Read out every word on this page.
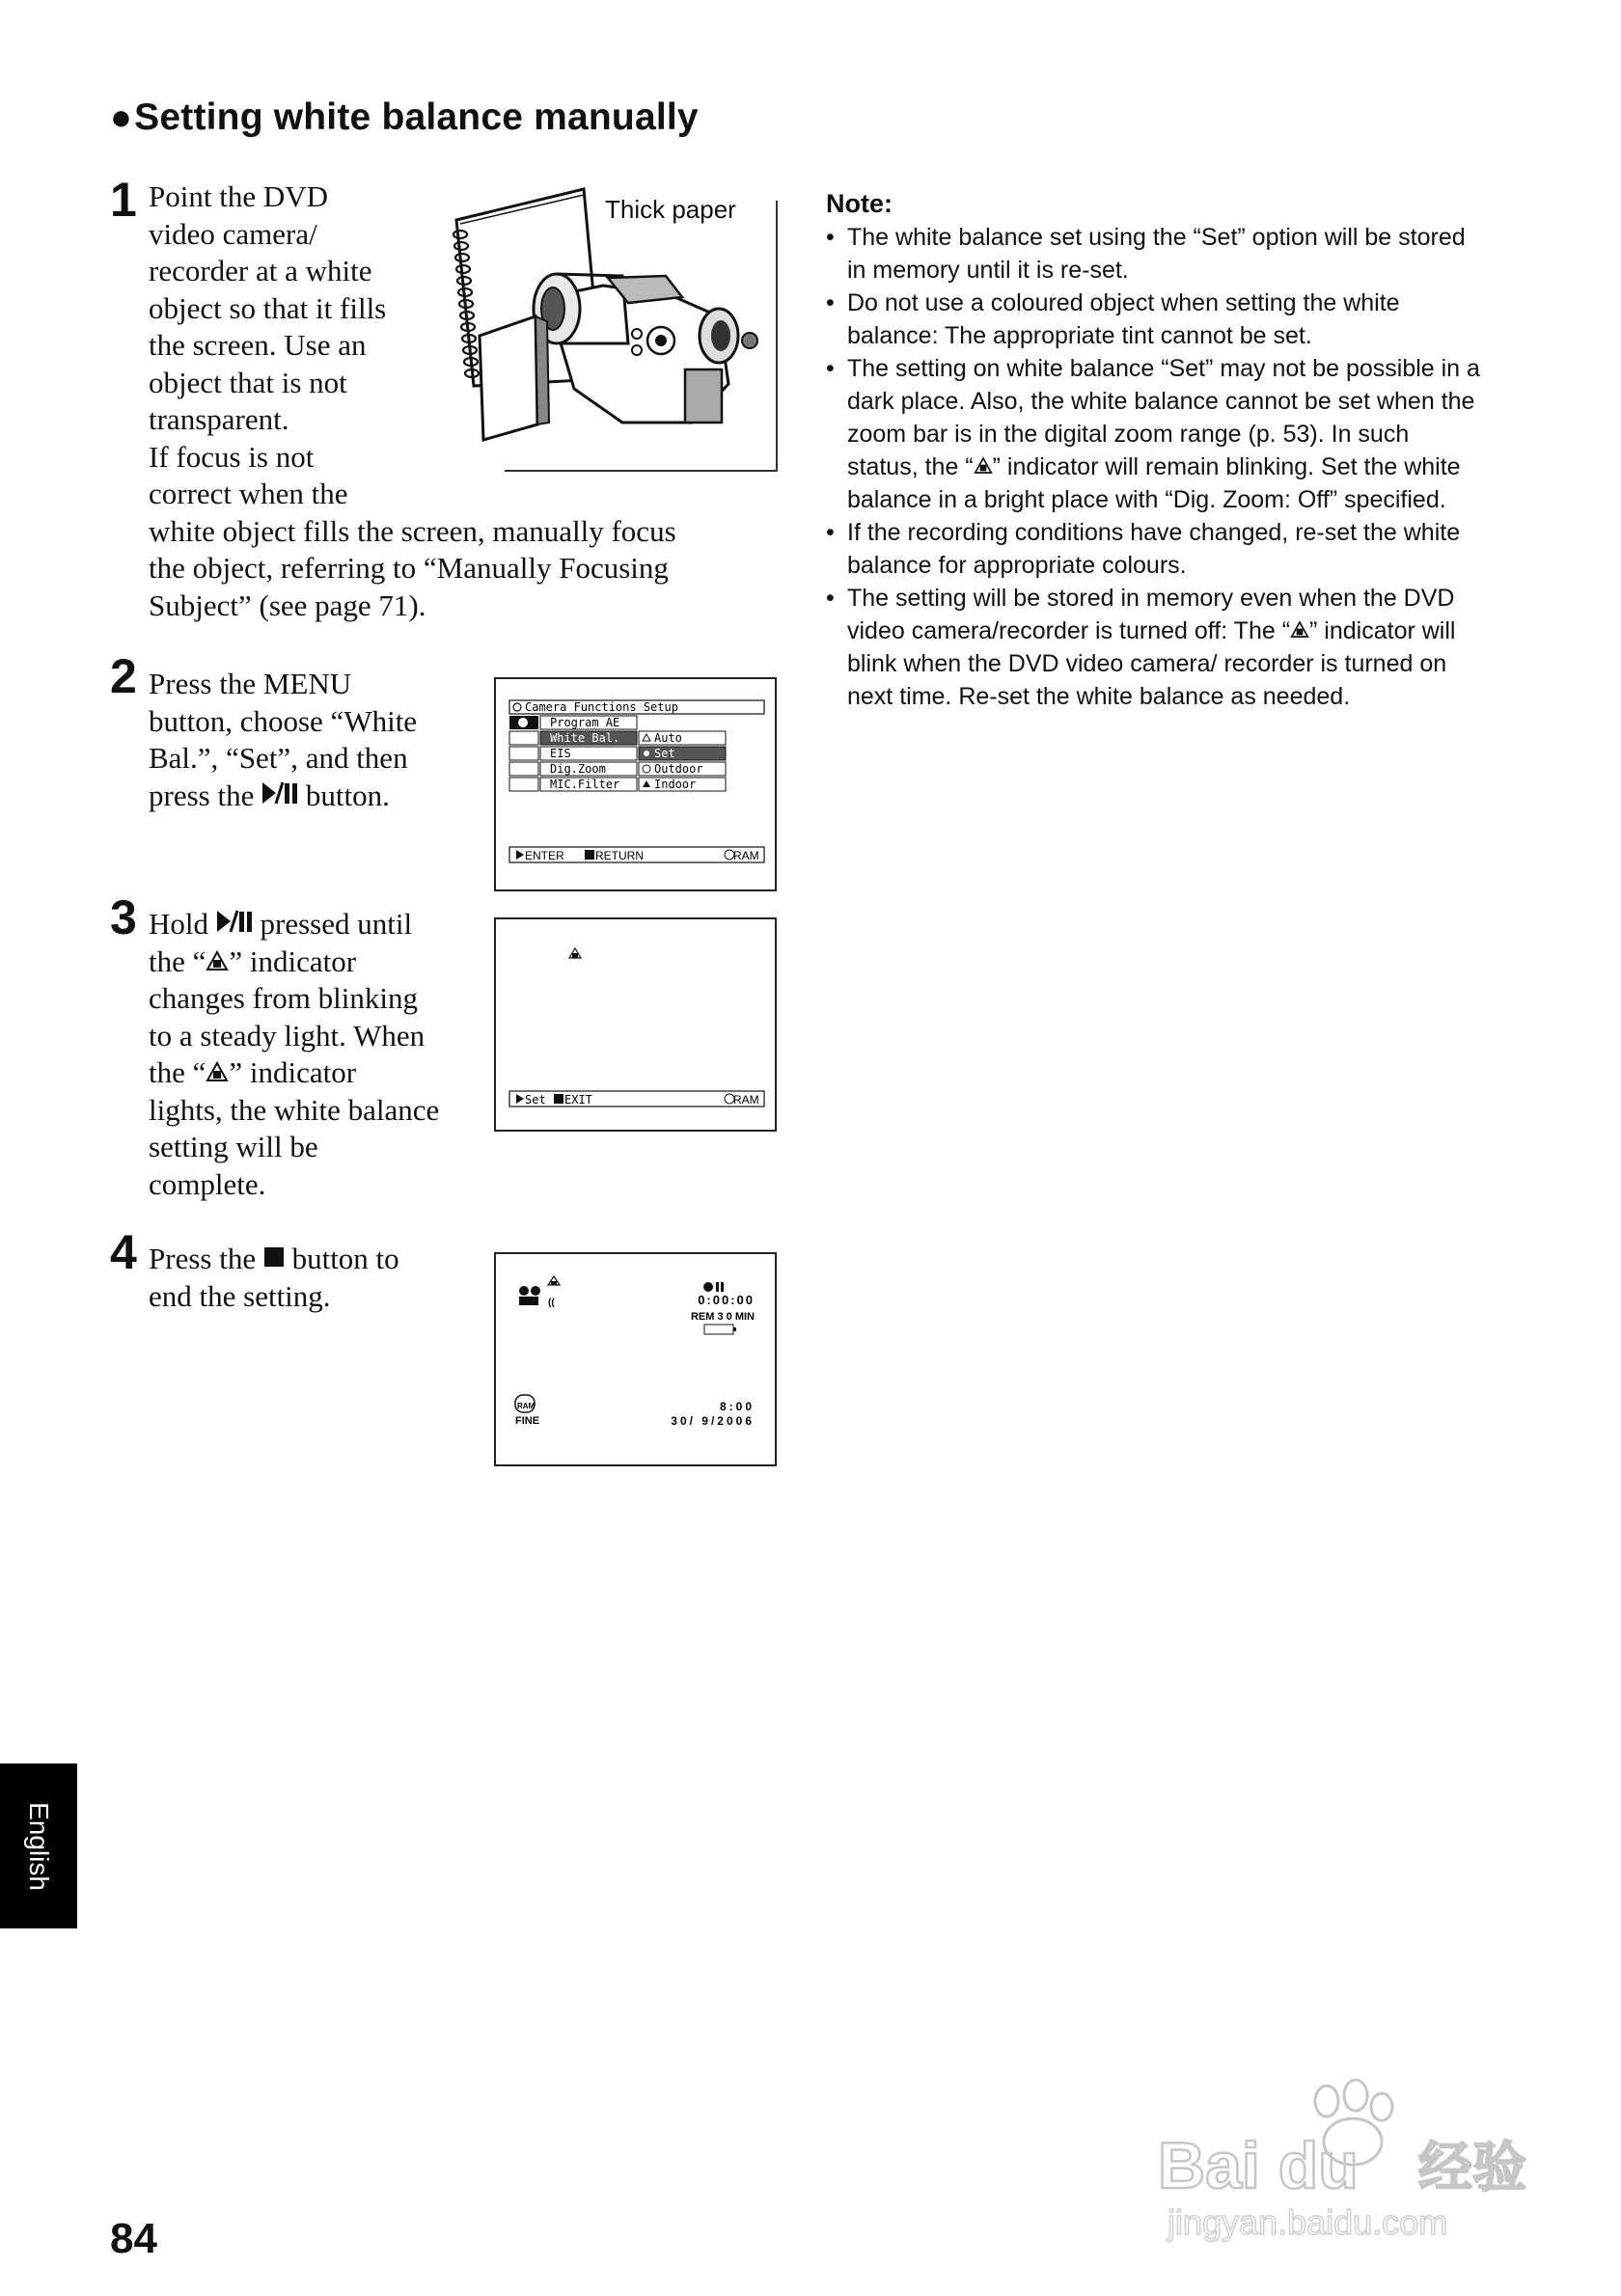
●Setting white balance manually
1 Point the DVD
video camera/
recorder at a white
object so that it fills
the screen. Use an
object that is not
transparent.
If focus is not
correct when the
white object fills the screen, manually focus
the object, referring to “Manually Focusing
Subject” (see page 71).
Thick paper
2 Press the MENU
button, choose “White
Bal.”, “Set”, and then
press the  button.
Camera Functions Setup
Program AE
White Bal.
EIS
Dig.Zoom
MIC.Filter
Auto
Set
Outdoor
Indoor
ENTER	RETURN	RAM
3 Hold  pressed until
the “ ” indicator
changes from blinking
to a steady light. When
the “ ” indicator
lights, the white balance
setting will be
complete.
Set EXIT	RAM
4 Press the  button to
end the setting.	((	0:00:00
REM 3 0 MIN
RAM
FINE
8:00
30/ 9/2006
Note:
• The white balance set using the “Set” option will be stored in memory until it is re-set.
• Do not use a coloured object when setting the white balance: The appropriate tint cannot be set.
• The setting on white balance “Set” may not be possible in a dark place. Also, the white balance cannot be set when the zoom bar is in the digital zoom range (p. 53). In such status, the “ ” indicator will remain blinking. Set the white balance in a bright place with “Dig. Zoom: Off” specified.
• If the recording conditions have changed, re-set the white balance for appropriate colours.
• The setting will be stored in memory even when the DVD video camera/recorder is turned off: The “ ” indicator will blink when the DVD video camera/ recorder is turned on next time. Re-set the white balance as needed.
English
84
Bai du 经验
jingyan.baidu.com
